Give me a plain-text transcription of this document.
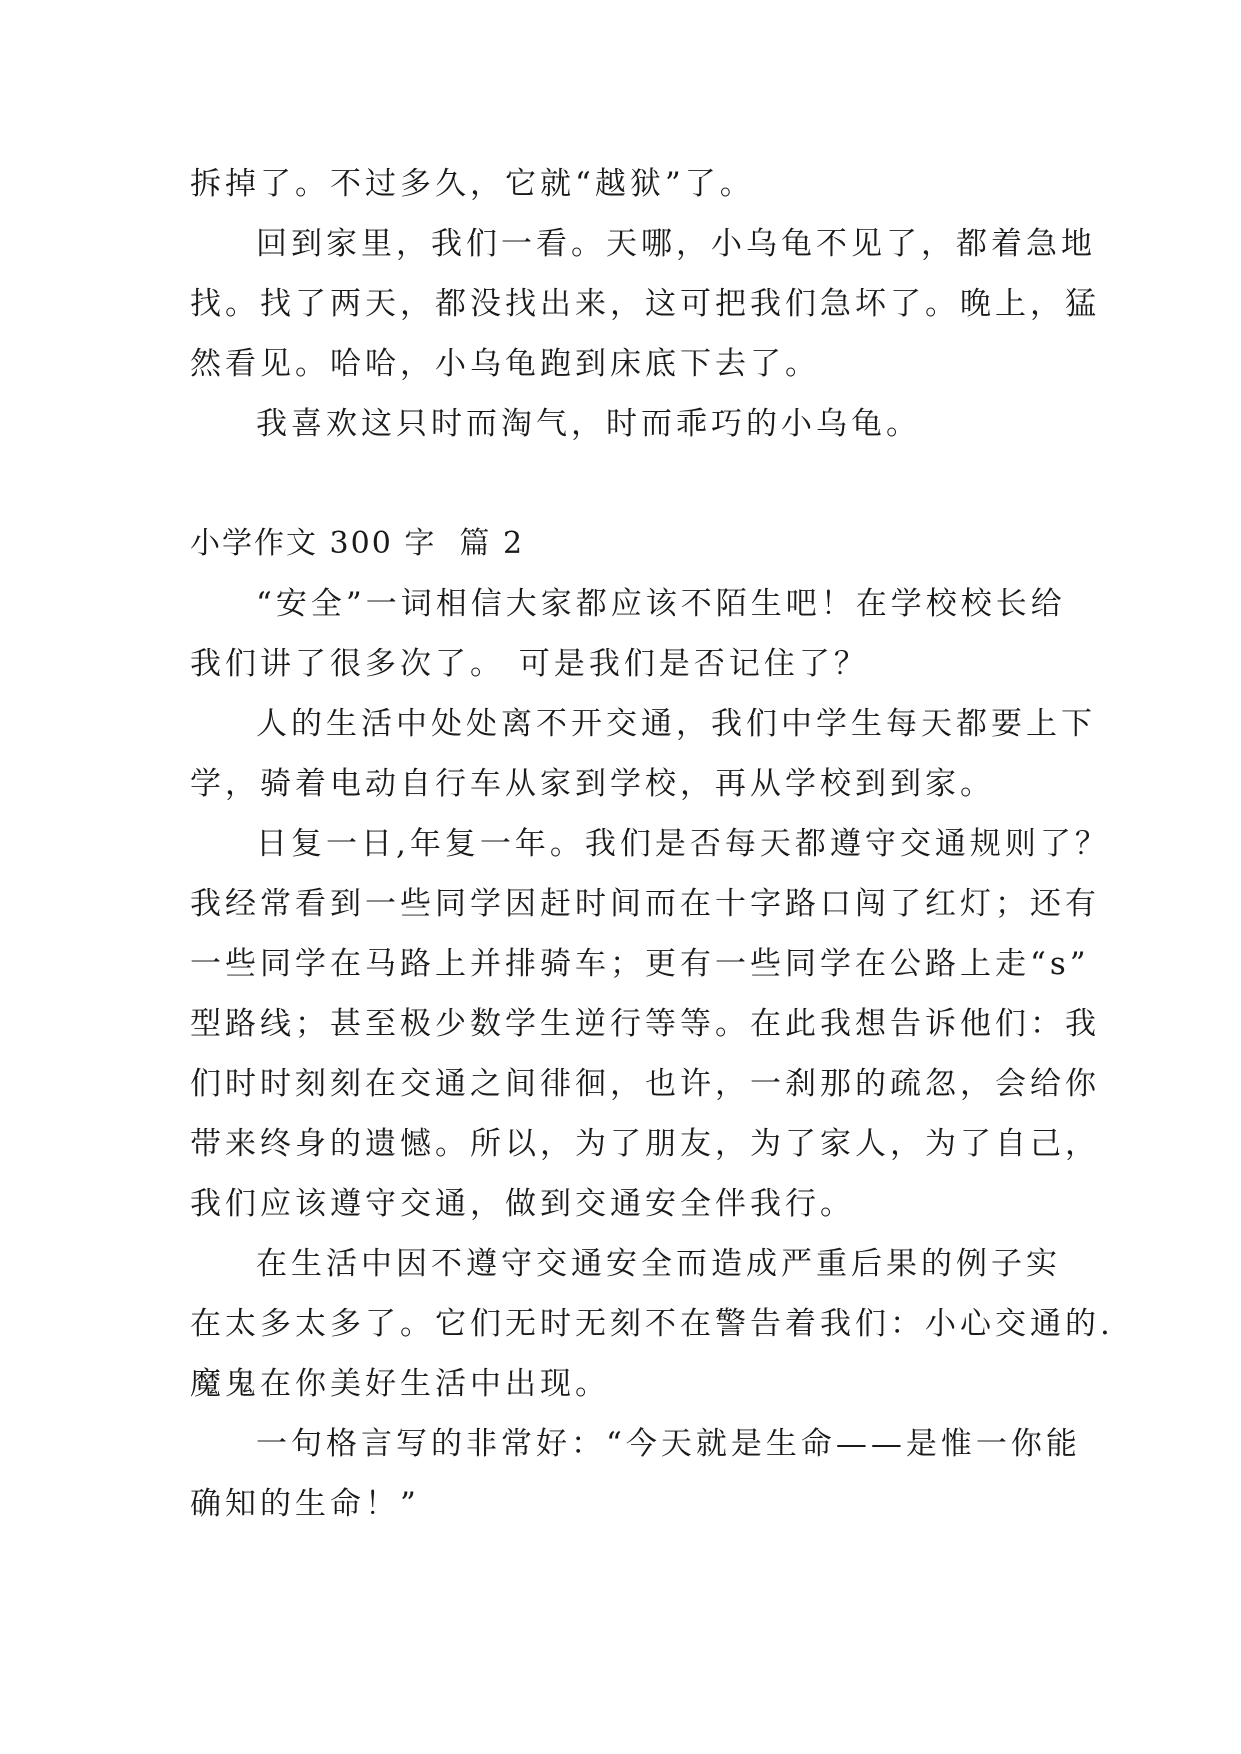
拆掉了。不过多久，它就“越狱”了。
回到家里，我们一看。天哪，小乌龟不见了，都着急地
找。找了两天，都没找出来，这可把我们急坏了。晚上，猛
然看见。哈哈，小乌龟跑到床底下去了。
我喜欢这只时而淘气，时而乖巧的小乌龟。
小学作文 300 字  篇 2
“安全”一词相信大家都应该不陌生吧！在学校校长给
我们讲了很多次了。 可是我们是否记住了？
人的生活中处处离不开交通，我们中学生每天都要上下
学，骑着电动自行车从家到学校，再从学校到到家。
日复一日,年复一年。我们是否每天都遵守交通规则了？
我经常看到一些同学因赶时间而在十字路口闯了红灯；还有
一些同学在马路上并排骑车；更有一些同学在公路上走“s”
型路线；甚至极少数学生逆行等等。在此我想告诉他们：我
们时时刻刻在交通之间徘徊，也许，一刹那的疏忽，会给你
带来终身的遗憾。所以，为了朋友，为了家人，为了自己，
我们应该遵守交通，做到交通安全伴我行。
在生活中因不遵守交通安全而造成严重后果的例子实
在太多太多了。它们无时无刻不在警告着我们：小心交通的.
魔鬼在你美好生活中出现。
一句格言写的非常好：“今天就是生命——是惟一你能
确知的生命！”
